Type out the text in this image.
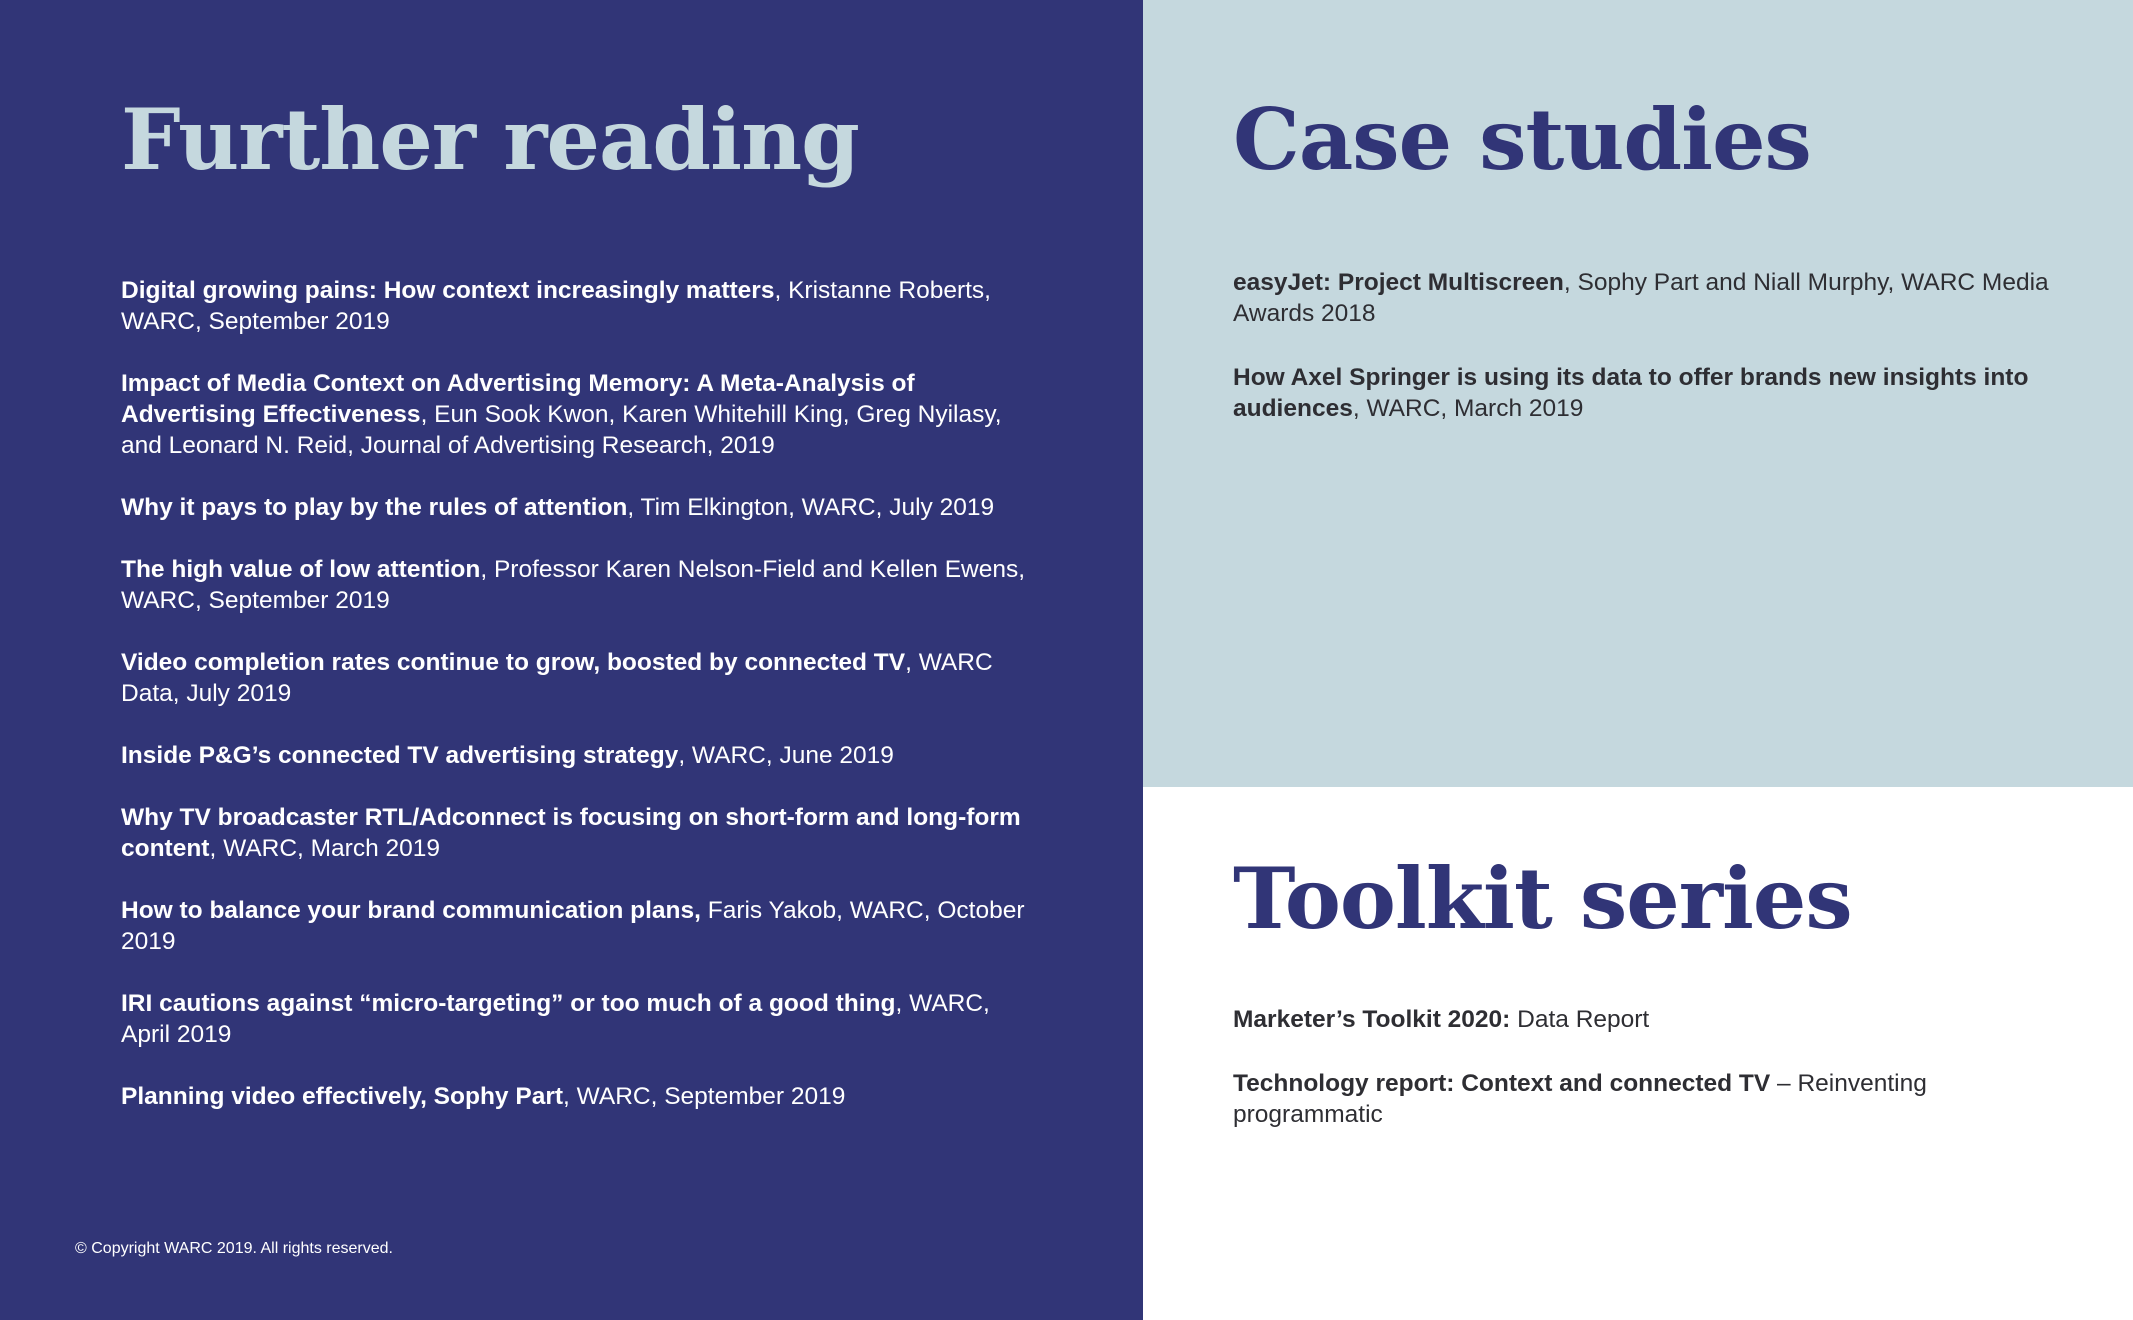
Further reading
Digital growing pains: How context increasingly matters, Kristanne Roberts, WARC, September 2019
Impact of Media Context on Advertising Memory: A Meta-Analysis of Advertising Effectiveness, Eun Sook Kwon, Karen Whitehill King, Greg Nyilasy, and Leonard N. Reid, Journal of Advertising Research, 2019
Why it pays to play by the rules of attention, Tim Elkington, WARC, July 2019
The high value of low attention, Professor Karen Nelson-Field and Kellen Ewens, WARC, September 2019
Video completion rates continue to grow, boosted by connected TV, WARC Data, July 2019
Inside P&G’s connected TV advertising strategy, WARC, June 2019
Why TV broadcaster RTL/Adconnect is focusing on short-form and long-form content, WARC, March 2019
How to balance your brand communication plans, Faris Yakob, WARC, October 2019
IRI cautions against “micro-targeting” or too much of a good thing, WARC, April 2019
Planning video effectively, Sophy Part, WARC, September 2019
© Copyright WARC 2019. All rights reserved.
Case studies
easyJet: Project Multiscreen, Sophy Part and Niall Murphy, WARC Media Awards 2018
How Axel Springer is using its data to offer brands new insights into audiences, WARC, March 2019
Toolkit series
Marketer’s Toolkit 2020: Data Report
Technology report: Context and connected TV – Reinventing programmatic
